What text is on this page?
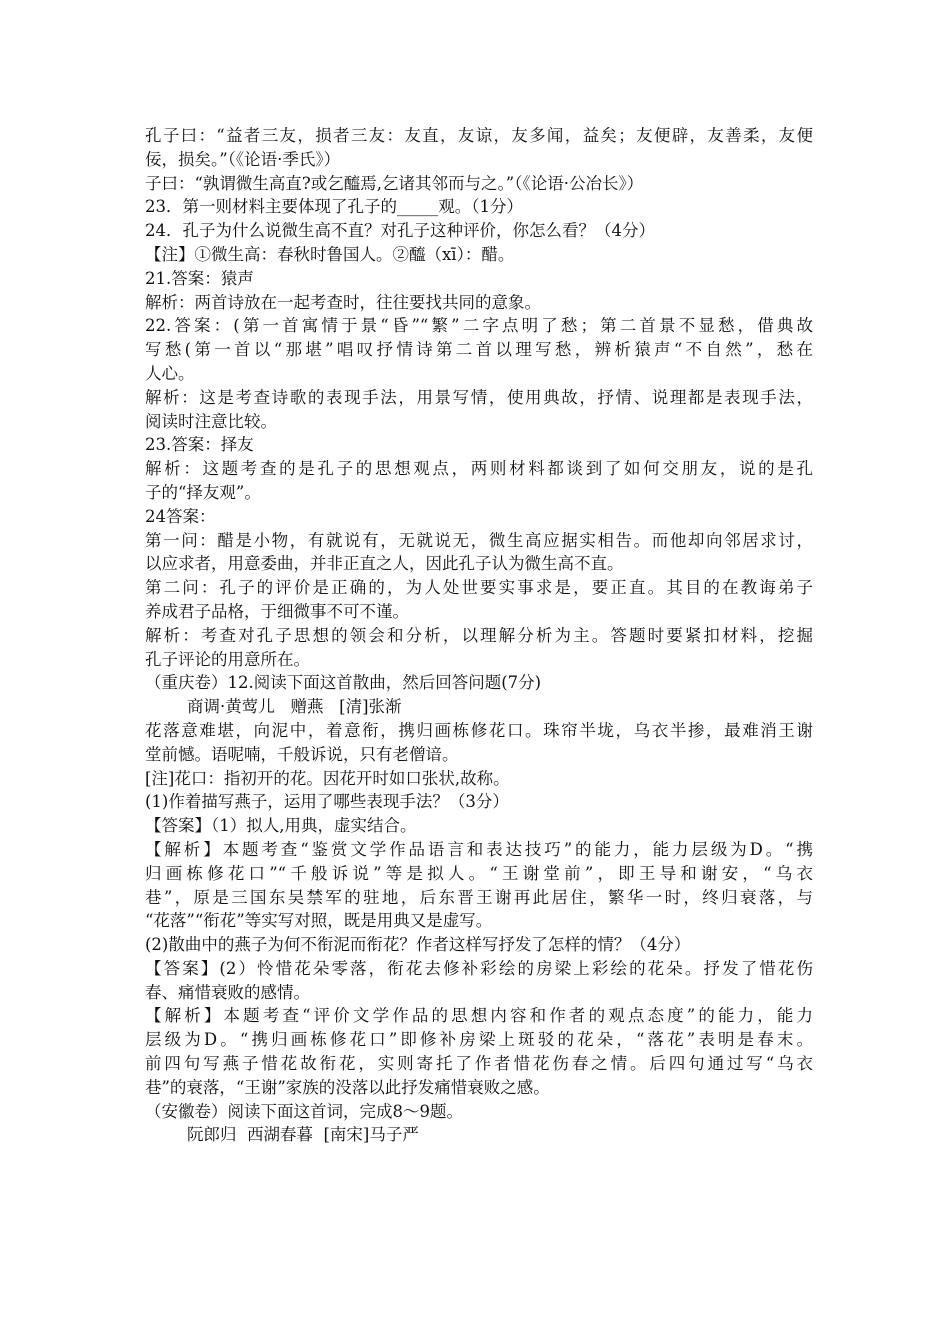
孔子曰：“益者三友，损者三友：友直，友谅，友多闻，益矣；友便辟，友善柔，友便
佞，损矣。”（《论语·季氏》）
子曰：“孰谓微生高直?或乞醯焉,乞诸其邻而与之。”（《论语·公冶长》）
23．第一则材料主要体现了孔子的_____观。（1分）
24．孔子为什么说微生高不直？对孔子这种评价，你怎么看？（4分）
【注】①微生高：春秋时鲁国人。②醯（xī）：醋。
21.答案：猿声
解析：两首诗放在一起考查时，往往要找共同的意象。
22.答案：(第一首寓情于景“昏”“繁”二字点明了愁；第二首景不显愁，借典故
写愁(第一首以“那堪”唱叹抒情诗第二首以理写愁，辨析猿声“不自然”，愁在
人心。
解析：这是考查诗歌的表现手法，用景写情，使用典故，抒情、说理都是表现手法，
阅读时注意比较。
23.答案：择友
解析：这题考查的是孔子的思想观点，两则材料都谈到了如何交朋友，说的是孔
子的“择友观”。
24答案：
第一问：醋是小物，有就说有，无就说无，微生高应据实相告。而他却向邻居求讨，
以应求者，用意委曲，并非正直之人，因此孔子认为微生高不直。
第二问：孔子的评价是正确的，为人处世要实事求是，要正直。其目的在教诲弟子
养成君子品格，于细微事不可不谨。
解析：考查对孔子思想的领会和分析，以理解分析为主。答题时要紧扣材料，挖掘
孔子评论的用意所在。
（重庆卷）12.阅读下面这首散曲，然后回答问题(7分)
商调·黄莺儿   赠燕   [清]张渐
花落意难堪，向泥中，着意衔，携归画栋修花口。珠帘半垅，乌衣半掺，最难消王谢
堂前憾。语呢喃，千般诉说，只有老僧谙。
[注]花口：指初开的花。因花开时如口张状,故称。
(1)作着描写燕子，运用了哪些表现手法？（3分）
【答案】（1）拟人,用典，虚实结合。
【解析】本题考查“鉴赏文学作品语言和表达技巧”的能力，能力层级为D。“携
归画栋修花口”“千般诉说”等是拟人。“王谢堂前”，即王导和谢安，“乌衣
巷”，原是三国东吴禁军的驻地，后东晋王谢再此居住，繁华一时，终归衰落，与
“花落”“衔花”等实写对照，既是用典又是虚写。
(2)散曲中的燕子为何不衔泥而衔花？作者这样写抒发了怎样的情？（4分）
【答案】(2）怜惜花朵零落，衔花去修补彩绘的房梁上彩绘的花朵。抒发了惜花伤
春、痛惜衰败的感情。
【解析】本题考查“评价文学作品的思想内容和作者的观点态度”的能力，能力
层级为D。“携归画栋修花口”即修补房梁上斑驳的花朵，“落花”表明是春末。
前四句写燕子惜花故衔花，实则寄托了作者惜花伤春之情。后四句通过写“乌衣
巷”的衰落，“王谢”家族的没落以此抒发痛惜衰败之感。
（安徽卷）阅读下面这首词，完成8～9题。
阮郎归  西湖春暮  [南宋]马子严
